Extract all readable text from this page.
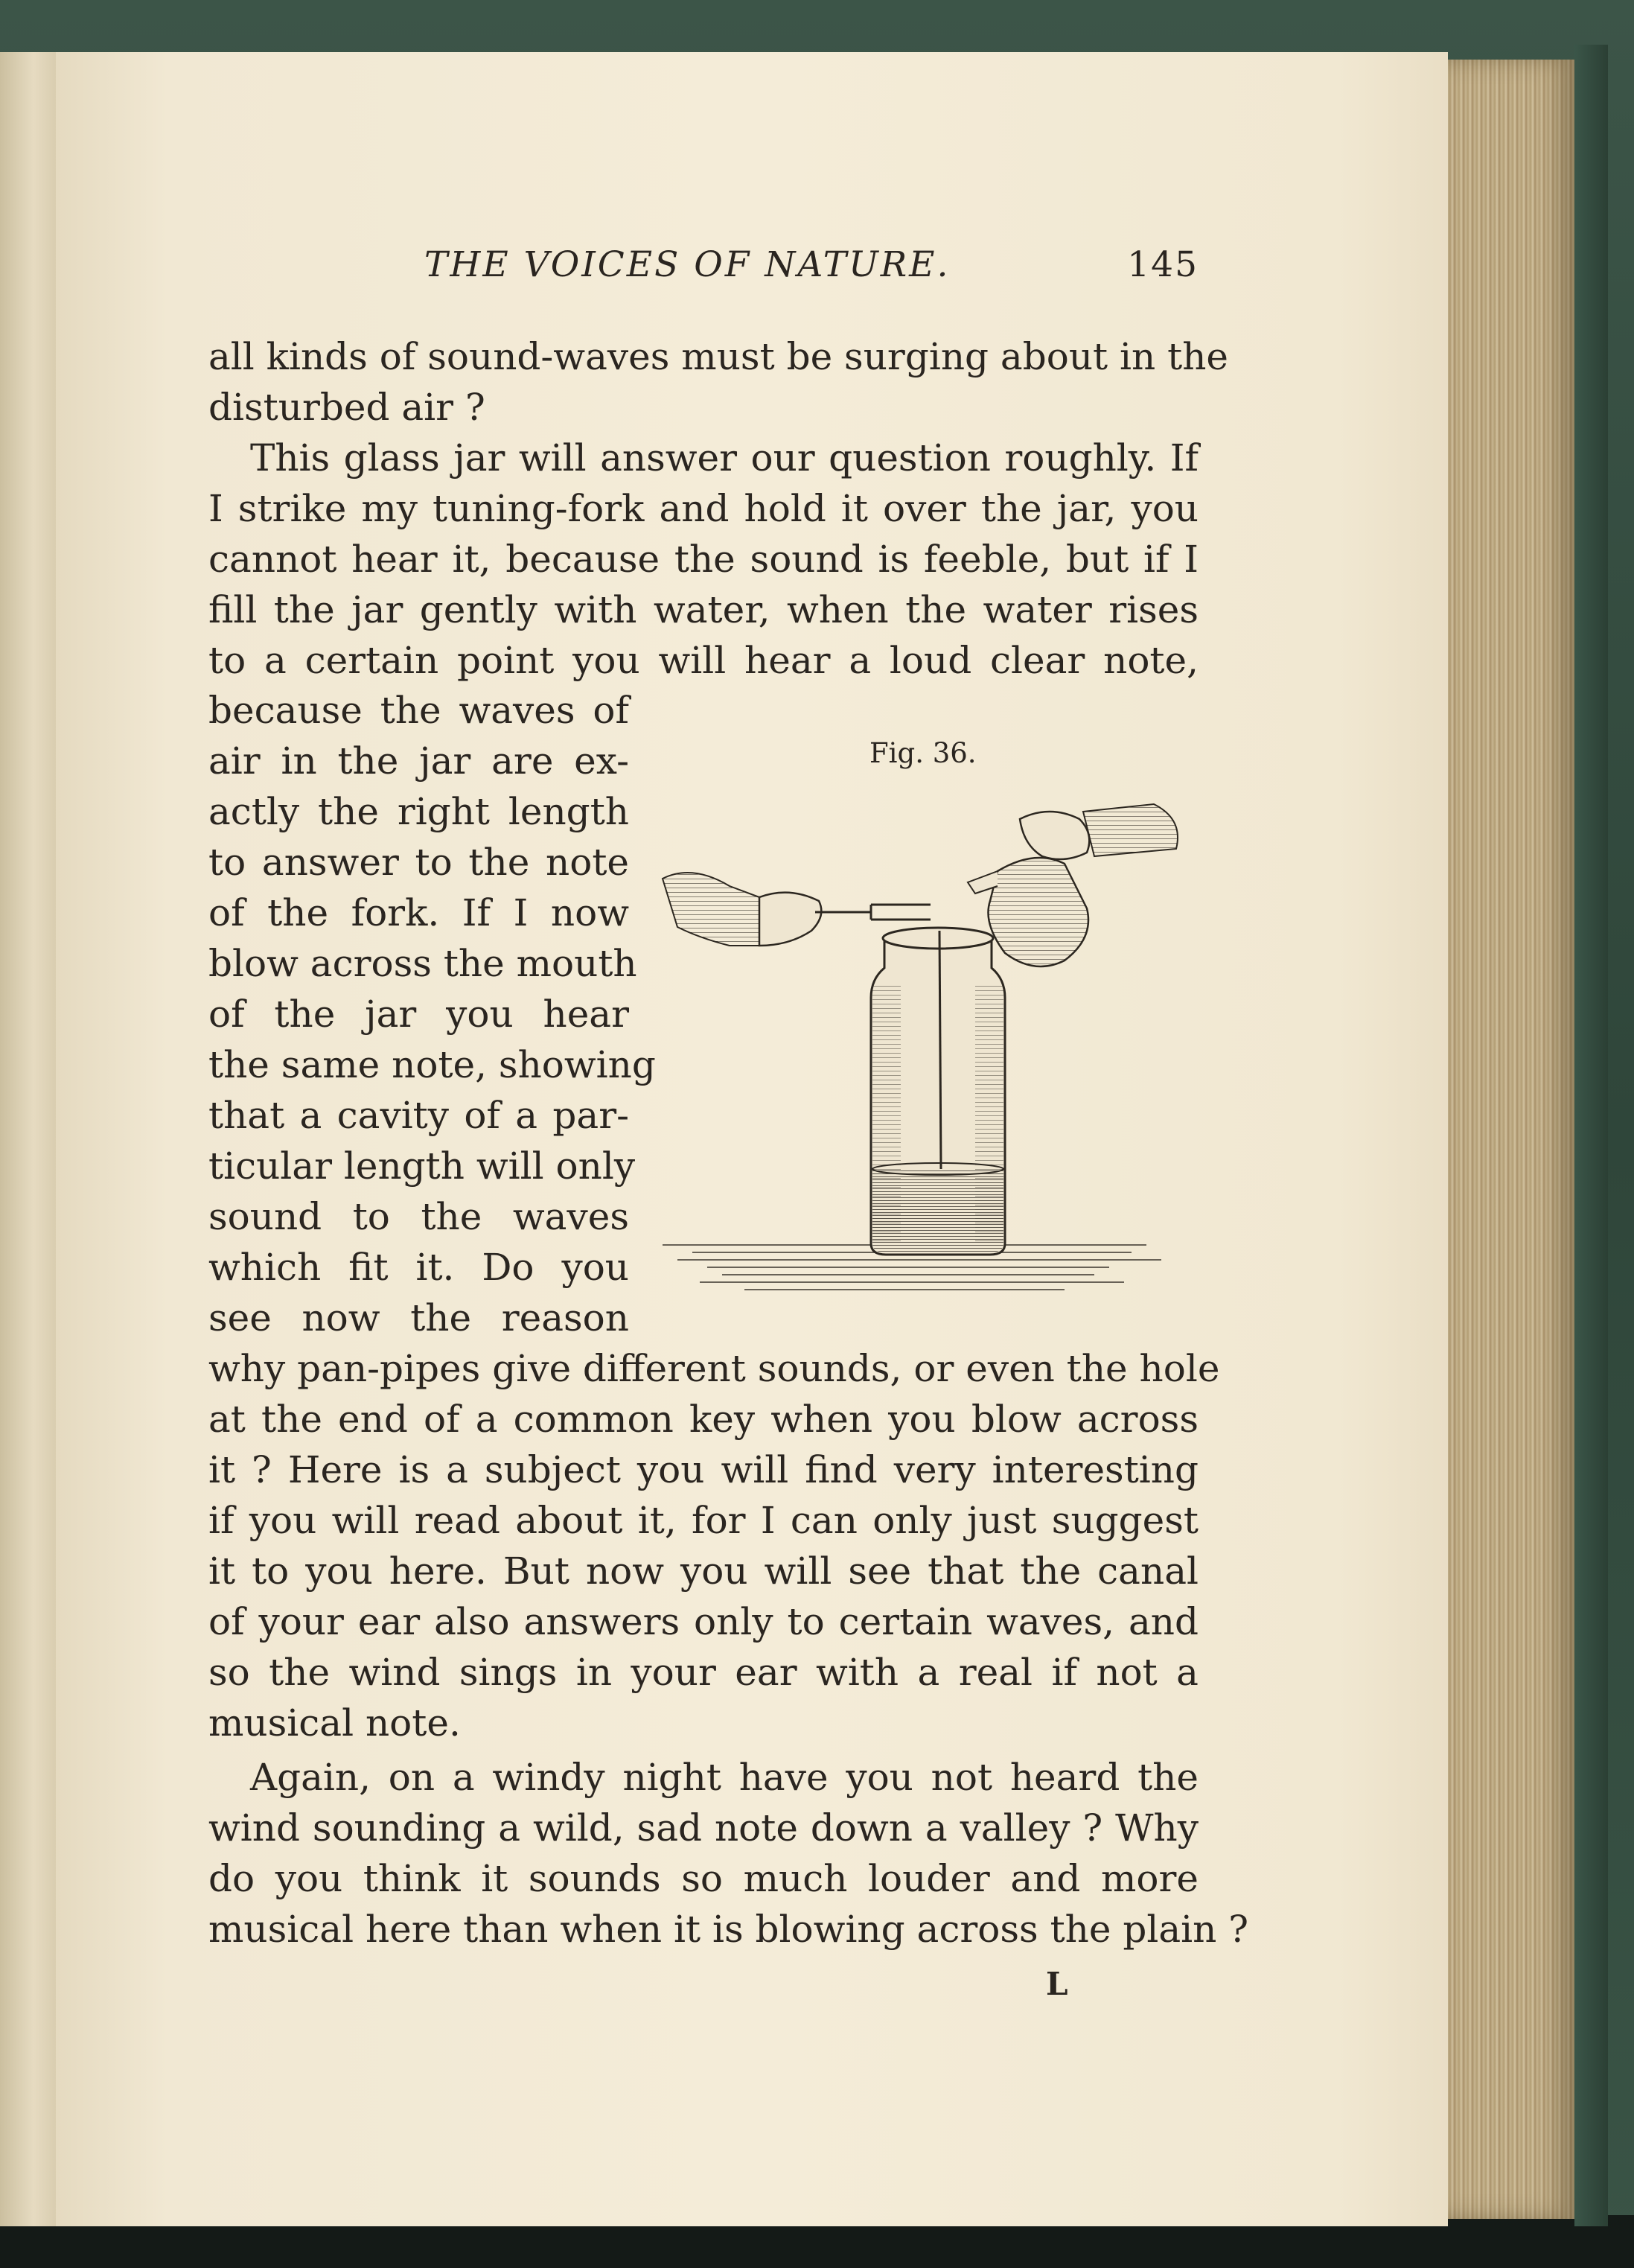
THE VOICES OF NATURE.	145
all kinds of sound-waves must be surging about in the
disturbed air ?
This glass jar will answer our question roughly. If
I strike my tuning-fork and hold it over the jar, you
cannot hear it, because the sound is feeble, but if I
fill the jar gently with water, when the water rises
to a certain point you will hear a loud clear note,
because the waves of
air in the jar are ex-
actly the right length
to answer to the note
of the fork. If I now
blow across the mouth
of the jar you hear
the same note, showing
that a cavity of a par-
ticular length will only
sound to the waves
which fit it. Do you
see now the reason
Fig. 36.
why pan-pipes give different sounds, or even the hole
at the end of a common key when you blow across
it ? Here is a subject you will find very interesting
if you will read about it, for I can only just suggest
it to you here. But now you will see that the canal
of your ear also answers only to certain waves, and
so the wind sings in your ear with a real if not a
musical note.
Again, on a windy night have you not heard the
wind sounding a wild, sad note down a valley ? Why
do you think it sounds so much louder and more
musical here than when it is blowing across the plain ?
L
